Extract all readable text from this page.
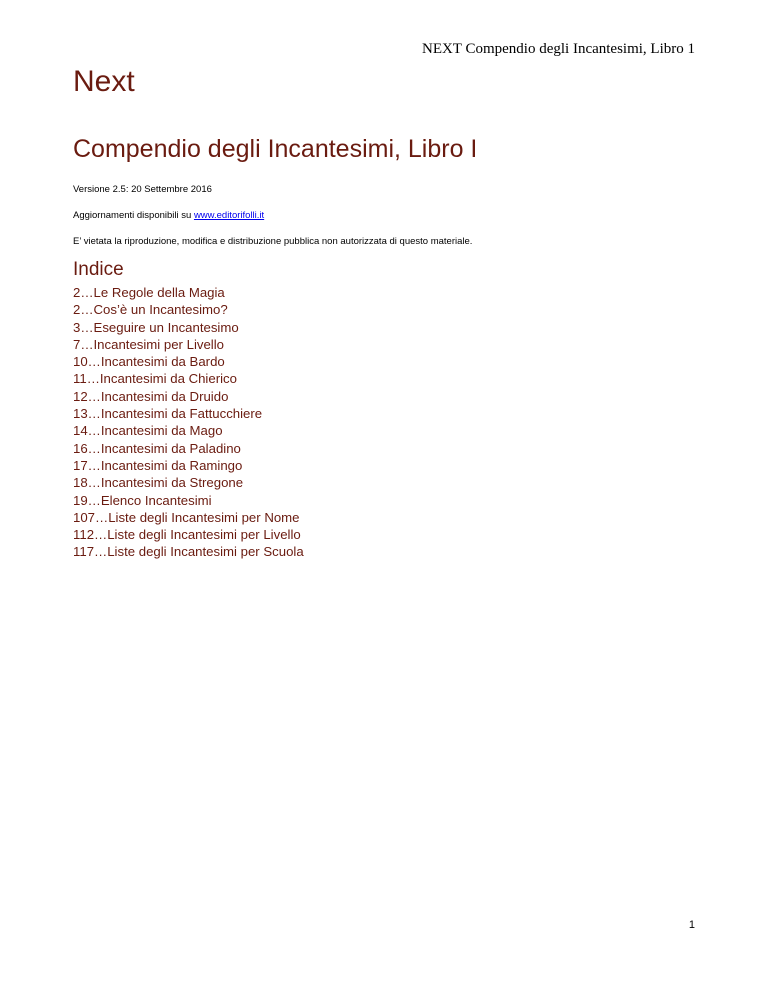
NEXT Compendio degli Incantesimi, Libro 1
Next
Compendio degli Incantesimi, Libro I
Versione 2.5: 20 Settembre 2016
Aggiornamenti disponibili su www.editorifolli.it
E’ vietata la riproduzione, modifica e distribuzione pubblica non autorizzata di questo materiale.
Indice
2…Le Regole della Magia
2…Cos’è un Incantesimo?
3…Eseguire un Incantesimo
7…Incantesimi per Livello
10…Incantesimi da Bardo
11…Incantesimi da Chierico
12…Incantesimi da Druido
13…Incantesimi da Fattucchiere
14…Incantesimi da Mago
16…Incantesimi da Paladino
17…Incantesimi da Ramingo
18…Incantesimi da Stregone
19…Elenco Incantesimi
107…Liste degli Incantesimi per Nome
112…Liste degli Incantesimi per Livello
117…Liste degli Incantesimi per Scuola
1
